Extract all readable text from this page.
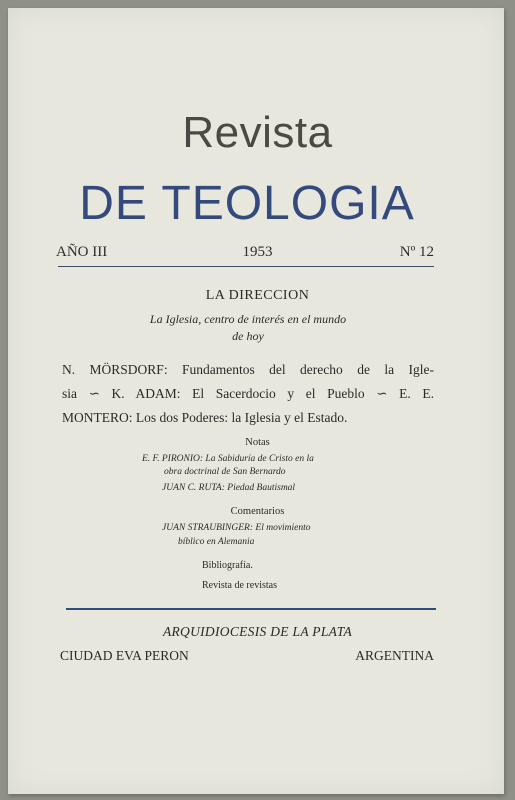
Revista
DE TEOLOGIA
AÑO III	1953	Nº 12
LA DIRECCION
La Iglesia, centro de interés en el mundo
de hoy
N. MÖRSDORF: Fundamentos del derecho de la Igle-
sia ∽ K. ADAM: El Sacerdocio y el Pueblo ∽ E. E.
MONTERO: Los dos Poderes: la Iglesia y el Estado.
Notas
E. F. PIRONIO: La Sabiduría de Cristo en la
obra doctrinal de San Bernardo
JUAN C. RUTA: Piedad Bautismal
Comentarios
JUAN STRAUBINGER: El movimiento
bíblico en Alemania
Bibliografía.
Revista de revistas
ARQUIDIOCESIS DE LA PLATA
CIUDAD EVA PERON	ARGENTINA
